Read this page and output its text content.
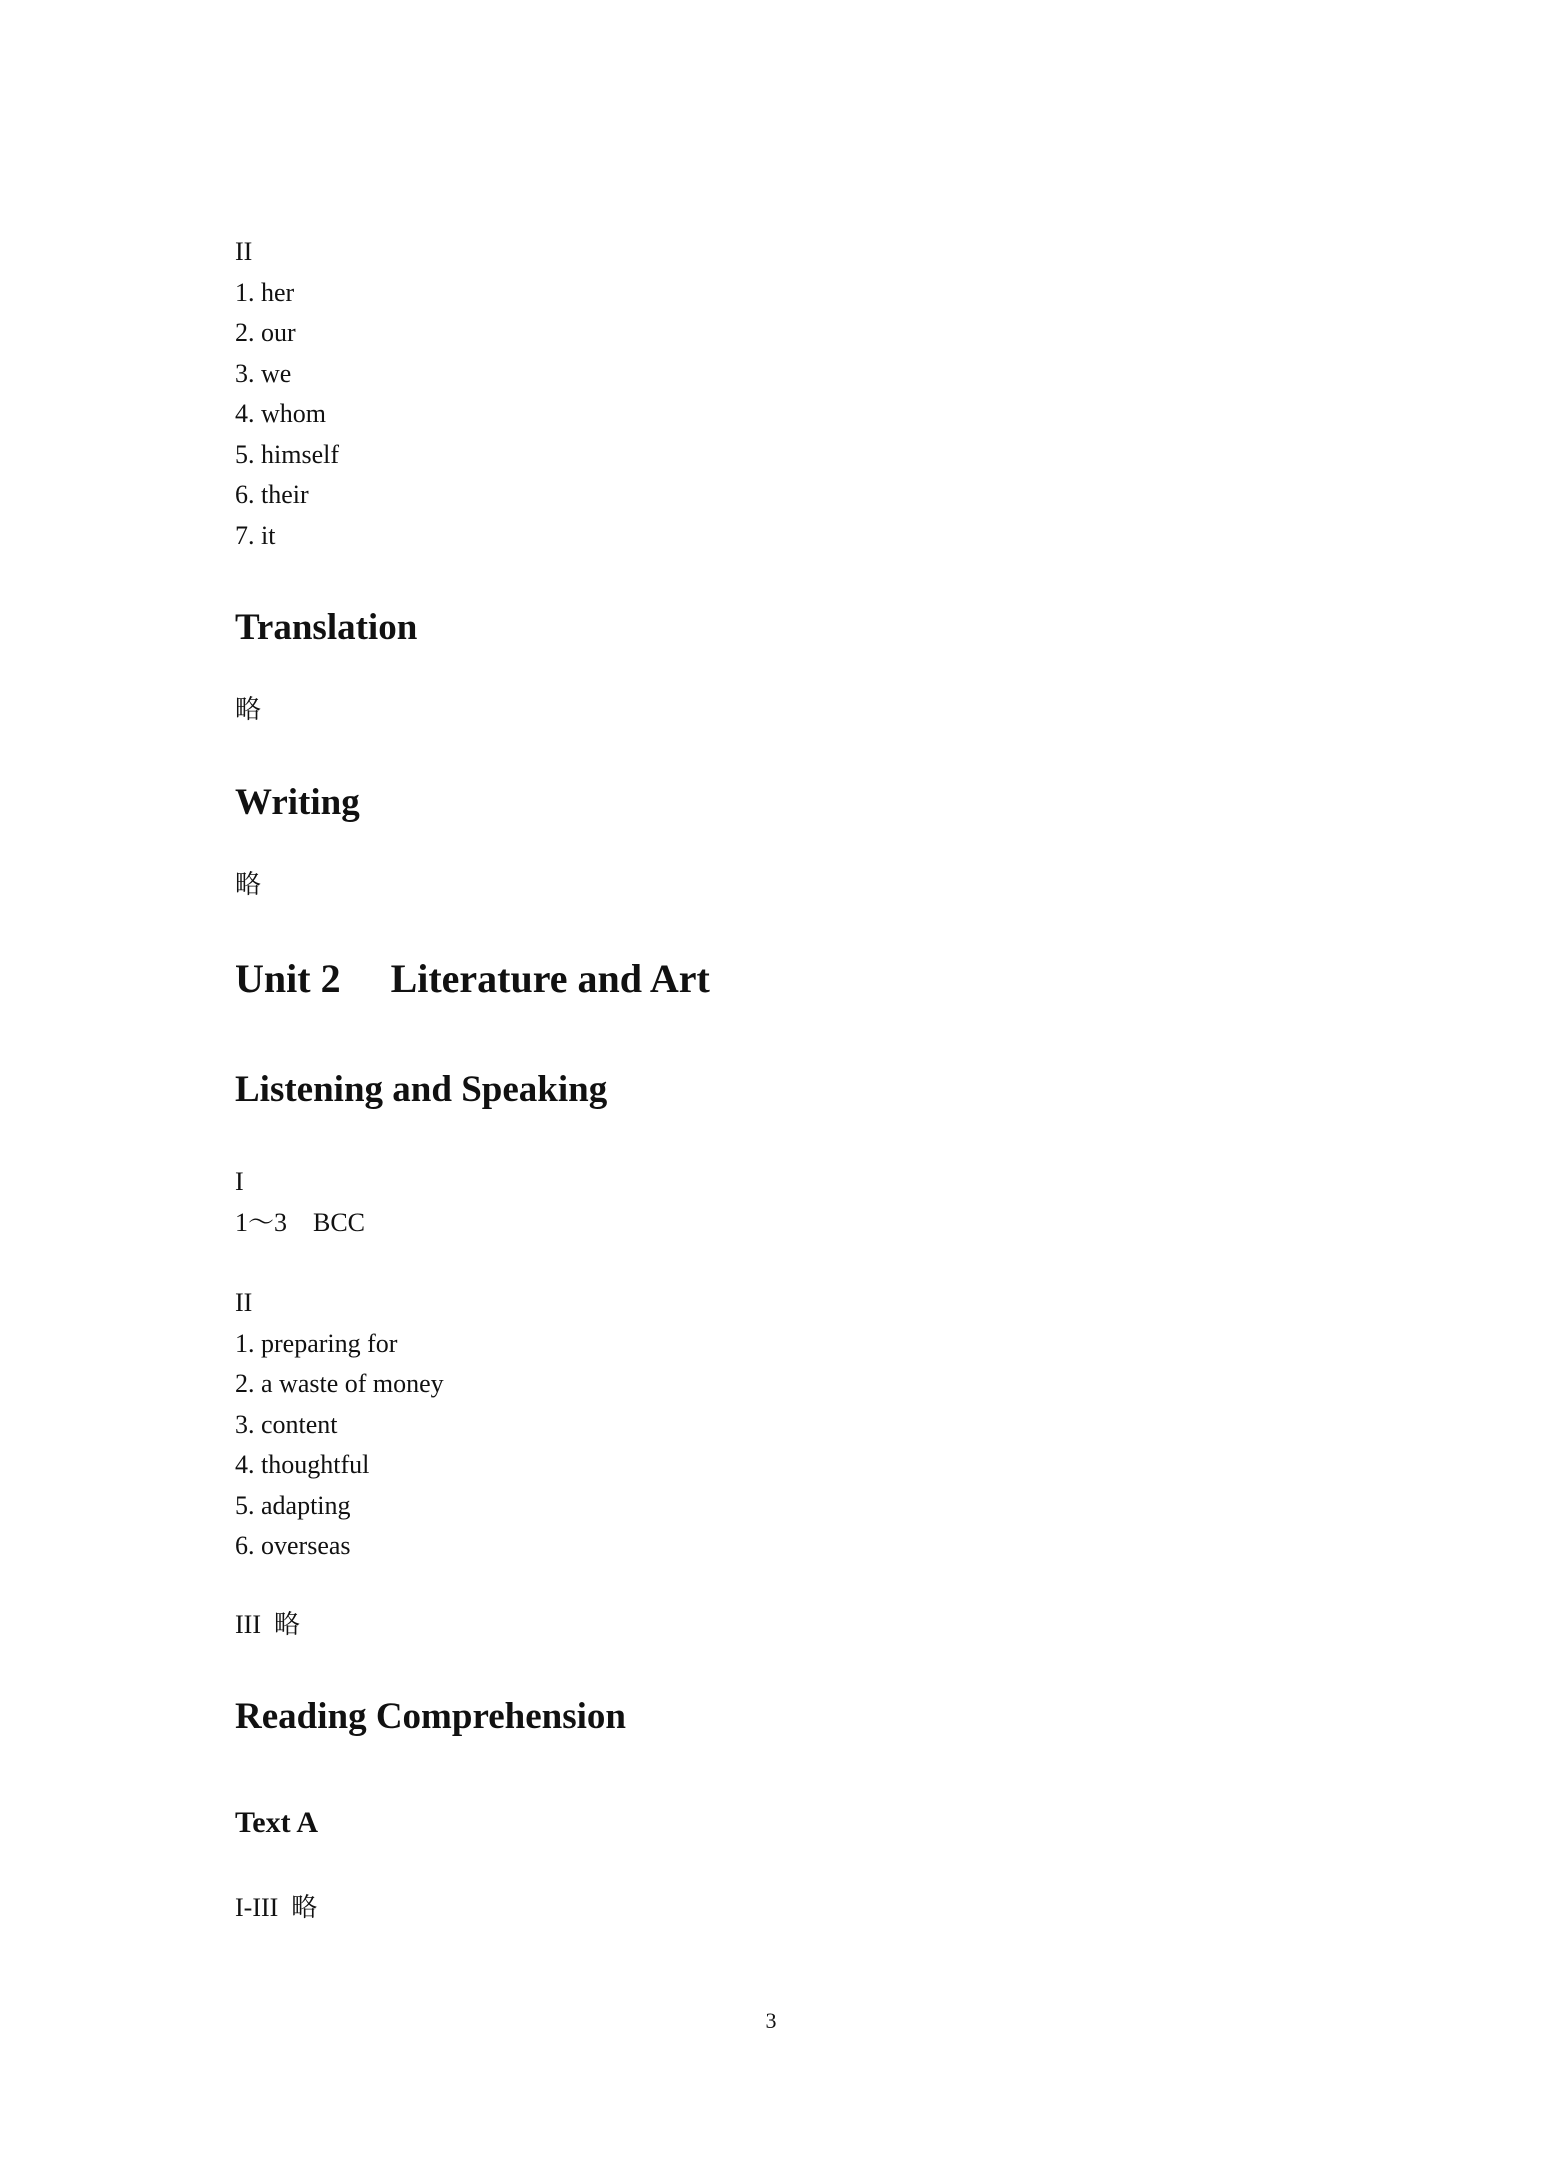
II

1. her

2. our

3. we

4. whom

5. himself

6. their

7. it

Translation

略

Writing

略

Unit 2　 Literature and Art
Listening and Speaking

I

1～3　BCC

II

1. preparing for

2. a waste of money

3. content

4. thoughtful

5. adapting

6. overseas

III  略

Reading Comprehension
Text A

I-III  略

3
